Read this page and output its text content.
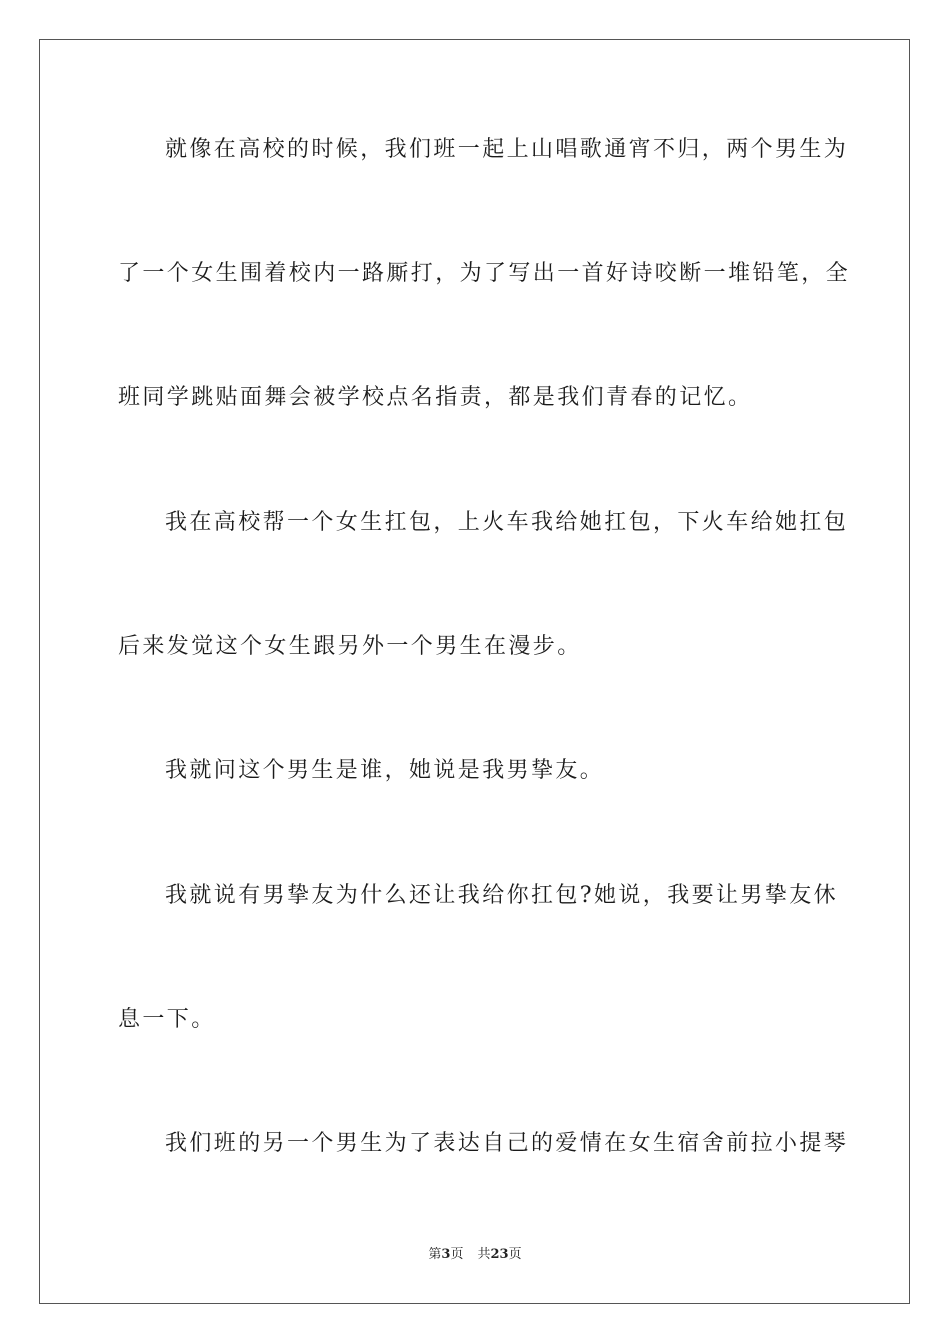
就像在高校的时候，我们班一起上山唱歌通宵不归，两个男生为
了一个女生围着校内一路厮打，为了写出一首好诗咬断一堆铅笔，全
班同学跳贴面舞会被学校点名指责，都是我们青春的记忆。
我在高校帮一个女生扛包，上火车我给她扛包，下火车给她扛包
后来发觉这个女生跟另外一个男生在漫步。
我就问这个男生是谁，她说是我男挚友。
我就说有男挚友为什么还让我给你扛包?她说，我要让男挚友休
息一下。
我们班的另一个男生为了表达自己的爱情在女生宿舍前拉小提琴
第3页 共23页
